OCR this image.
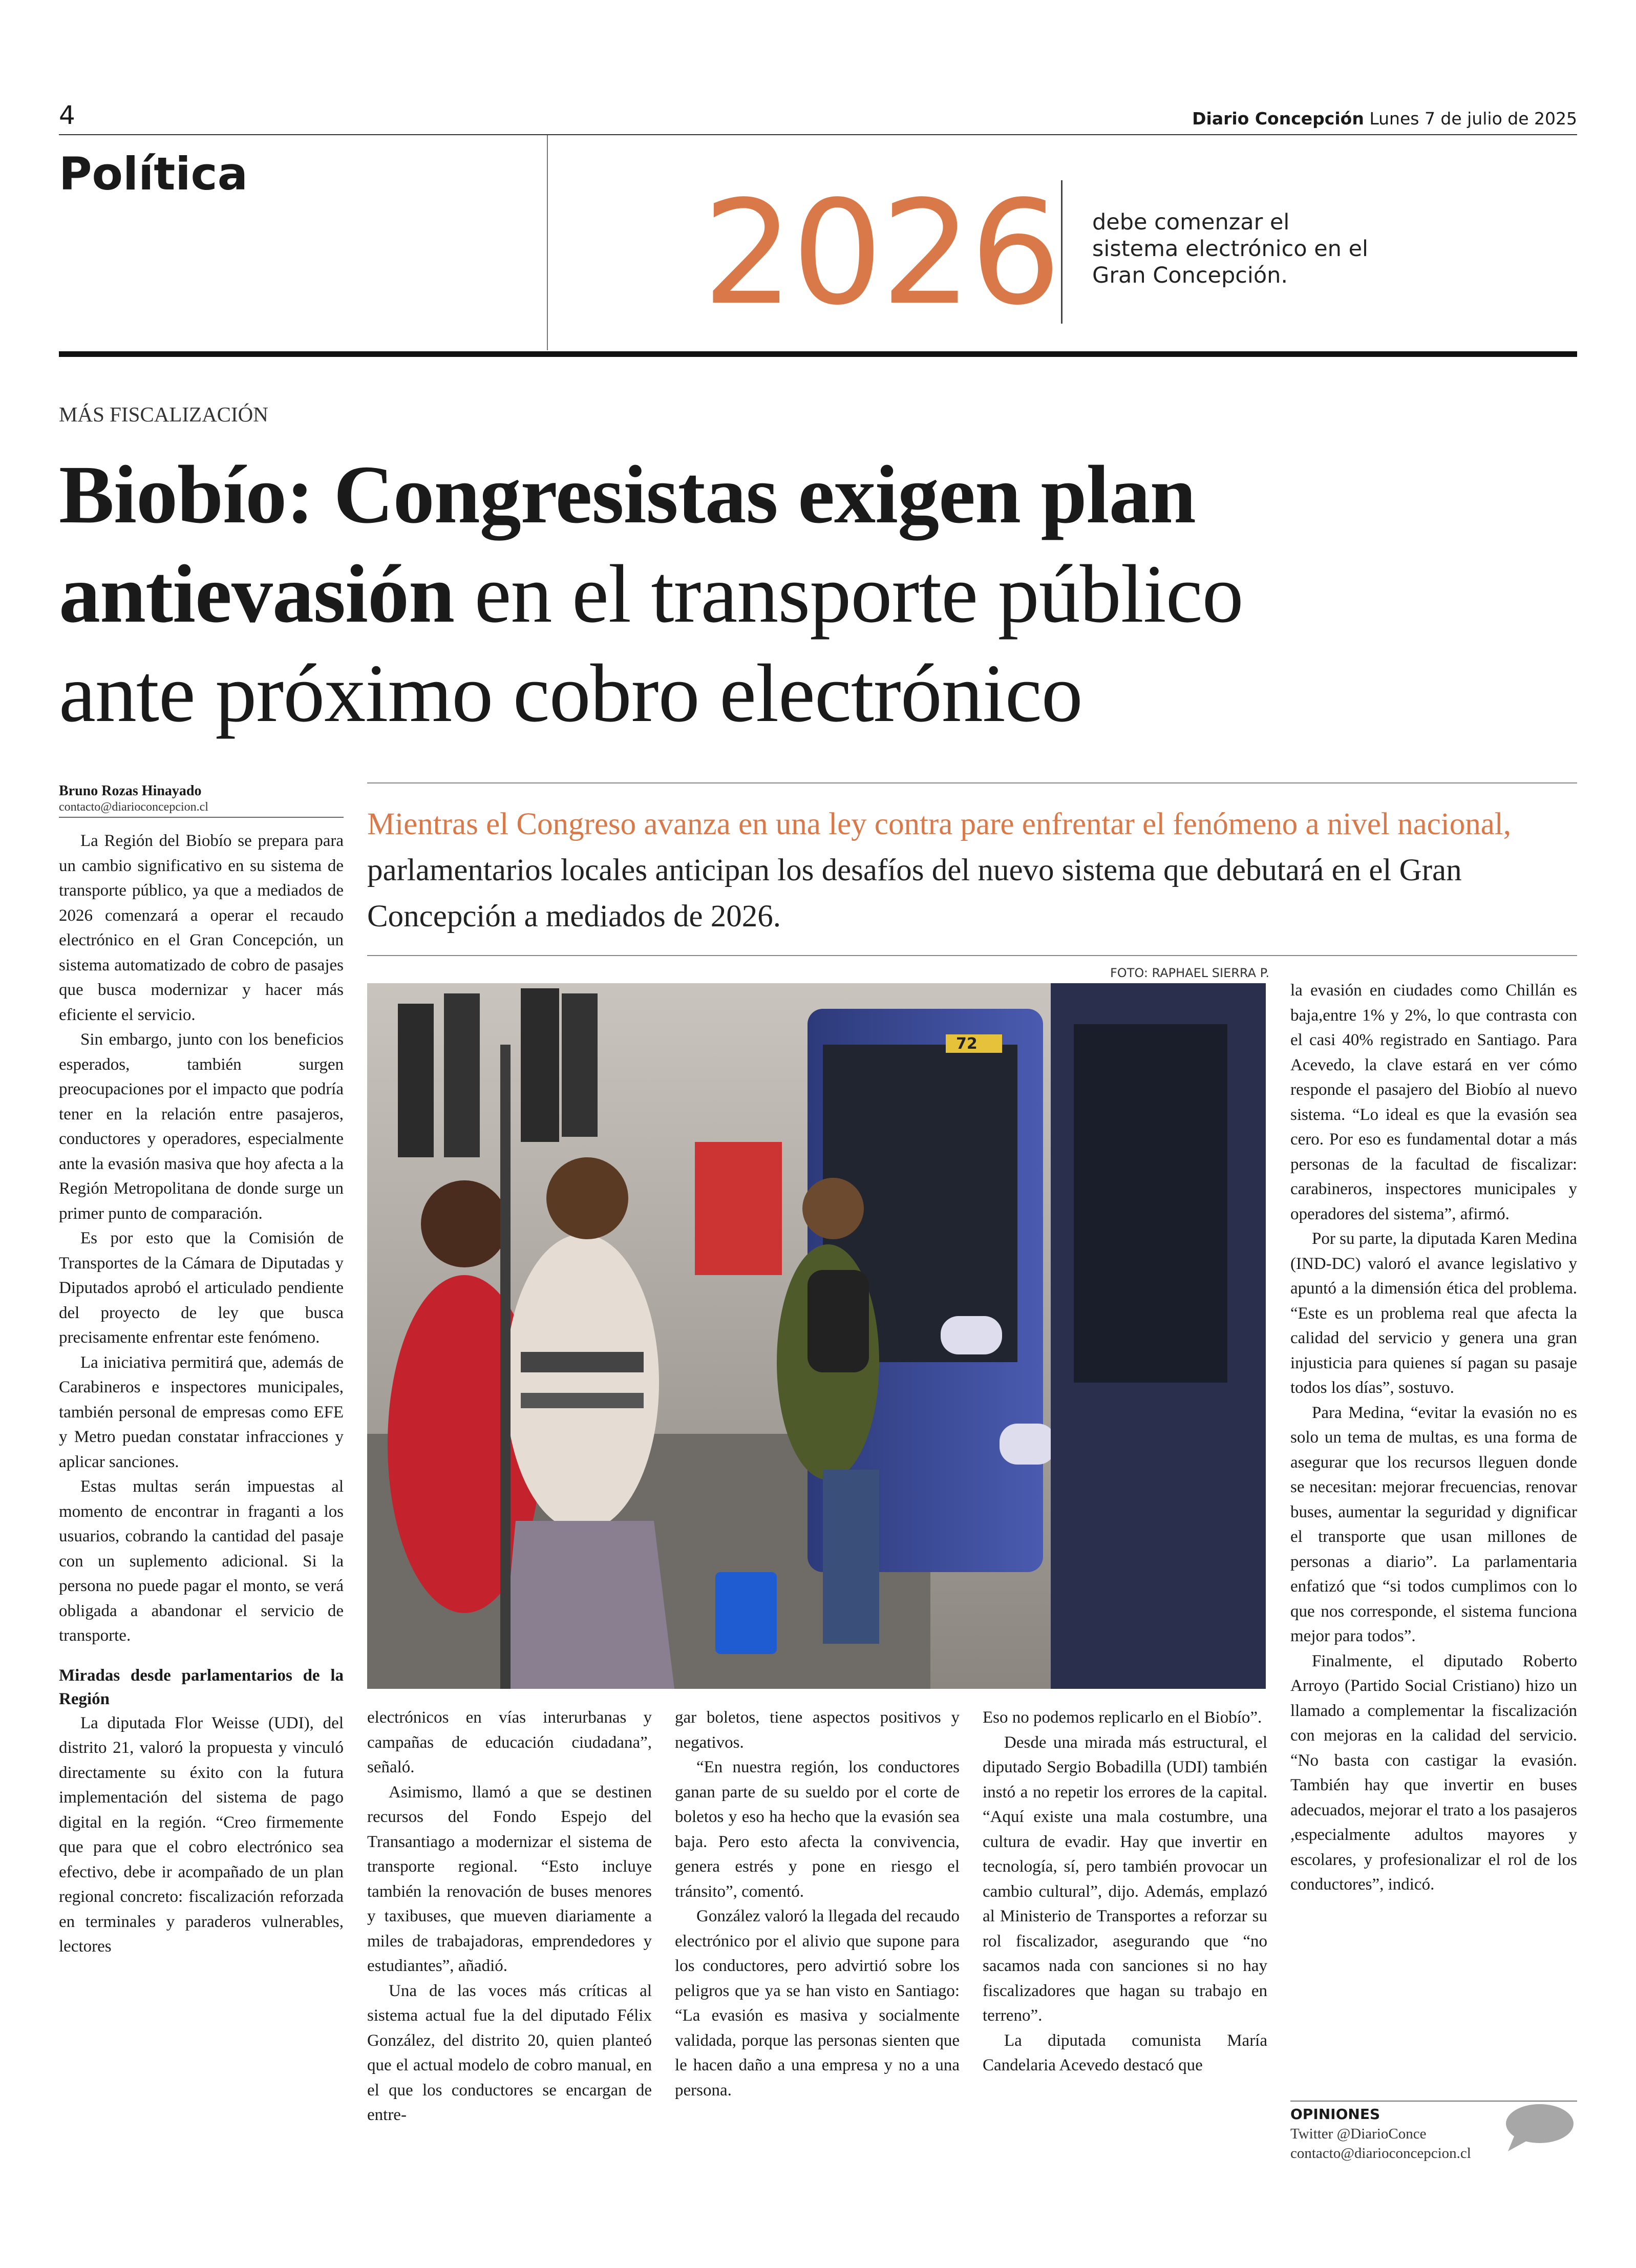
4	Diario Concepción Lunes 7 de julio de 2025
Política	2026 debe comenzar el
sistema electrónico en el
Gran Concepción.
MÁS FISCALIZACIÓN
Biobío: Congresistas exigen plan
antievasión en el transporte público
ante próximo cobro electrónico
Bruno Rozas Hinayado
contacto@diarioconcepcion.cl	Mientras el Congreso avanza en una ley contra pare enfrentar el fenómeno a nivel nacional, parlamentarios locales anticipan los desafíos del nuevo sistema que debutará en el Gran Concepción a mediados de 2026.
FOTO: RAPHAEL SIERRA P.
72

La Región del Biobío se prepara para un cambio significativo en su sistema de transporte público, ya que a mediados de 2026 comenzará a operar el recaudo electrónico en el Gran Concepción, un sistema automatizado de cobro de pasajes que busca modernizar y hacer más eficiente el servicio.

Sin embargo, junto con los beneficios esperados, también surgen preocupaciones por el impacto que podría tener en la relación entre pasajeros, conductores y operadores, especialmente ante la evasión masiva que hoy afecta a la Región Metropolitana de donde surge un primer punto de comparación.

Es por esto que la Comisión de Transportes de la Cámara de Diputadas y Diputados aprobó el articulado pendiente del proyecto de ley que busca precisamente enfrentar este fenómeno.

La iniciativa permitirá que, además de Carabineros e inspectores municipales, también personal de empresas como EFE y Metro puedan constatar infracciones y aplicar sanciones.

Estas multas serán impuestas al momento de encontrar in fraganti a los usuarios, cobrando la cantidad del pasaje con un suplemento adicional. Si la persona no puede pagar el monto, se verá obligada a abandonar el servicio de transporte.

Miradas desde parlamentarios de la Región

La diputada Flor Weisse (UDI), del distrito 21, valoró la propuesta y vinculó directamente su éxito con la futura implementación del sistema de pago digital en la región. “Creo firmemente que para que el cobro electrónico sea efectivo, debe ir acompañado de un plan regional concreto: fiscalización reforzada en terminales y paraderos vulnerables, lectores

electrónicos en vías interurbanas y campañas de educación ciudadana”, señaló.

Asimismo, llamó a que se destinen recursos del Fondo Espejo del Transantiago a modernizar el sistema de transporte regional. “Esto incluye también la renovación de buses menores y taxibuses, que mueven diariamente a miles de trabajadoras, emprendedores y estudiantes”, añadió.

Una de las voces más críticas al sistema actual fue la del diputado Félix González, del distrito 20, quien planteó que el actual modelo de cobro manual, en el que los conductores se encargan de entre-

gar boletos, tiene aspectos positivos y negativos.

“En nuestra región, los conductores ganan parte de su sueldo por el corte de boletos y eso ha hecho que la evasión sea baja. Pero esto afecta la convivencia, genera estrés y pone en riesgo el tránsito”, comentó.

González valoró la llegada del recaudo electrónico por el alivio que supone para los conductores, pero advirtió sobre los peligros que ya se han visto en Santiago: “La evasión es masiva y socialmente validada, porque las personas sienten que le hacen daño a una empresa y no a una persona.

Eso no podemos replicarlo en el Biobío”.

Desde una mirada más estructural, el diputado Sergio Bobadilla (UDI) también instó a no repetir los errores de la capital. “Aquí existe una mala costumbre, una cultura de evadir. Hay que invertir en tecnología, sí, pero también provocar un cambio cultural”, dijo. Además, emplazó al Ministerio de Transportes a reforzar su rol fiscalizador, asegurando que “no sacamos nada con sanciones si no hay fiscalizadores que hagan su trabajo en terreno”.

La diputada comunista María Candelaria Acevedo destacó que

la evasión en ciudades como Chillán es baja,entre 1% y 2%, lo que contrasta con el casi 40% registrado en Santiago. Para Acevedo, la clave estará en ver cómo responde el pasajero del Biobío al nuevo sistema. “Lo ideal es que la evasión sea cero. Por eso es fundamental dotar a más personas de la facultad de fiscalizar: carabineros, inspectores municipales y operadores del sistema”, afirmó.

Por su parte, la diputada Karen Medina (IND-DC) valoró el avance legislativo y apuntó a la dimensión ética del problema. “Este es un problema real que afecta la calidad del servicio y genera una gran injusticia para quienes sí pagan su pasaje todos los días”, sostuvo.

Para Medina, “evitar la evasión no es solo un tema de multas, es una forma de asegurar que los recursos lleguen donde se necesitan: mejorar frecuencias, renovar buses, aumentar la seguridad y dignificar el transporte que usan millones de personas a diario”. La parlamentaria enfatizó que “si todos cumplimos con lo que nos corresponde, el sistema funciona mejor para todos”.

Finalmente, el diputado Roberto Arroyo (Partido Social Cristiano) hizo un llamado a complementar la fiscalización con mejoras en la calidad del servicio. “No basta con castigar la evasión. También hay que invertir en buses adecuados, mejorar el trato a los pasajeros ,especialmente adultos mayores y escolares, y profesionalizar el rol de los conductores”, indicó.

OPINIONES
Twitter @DiarioConce
contacto@diarioconcepcion.cl
